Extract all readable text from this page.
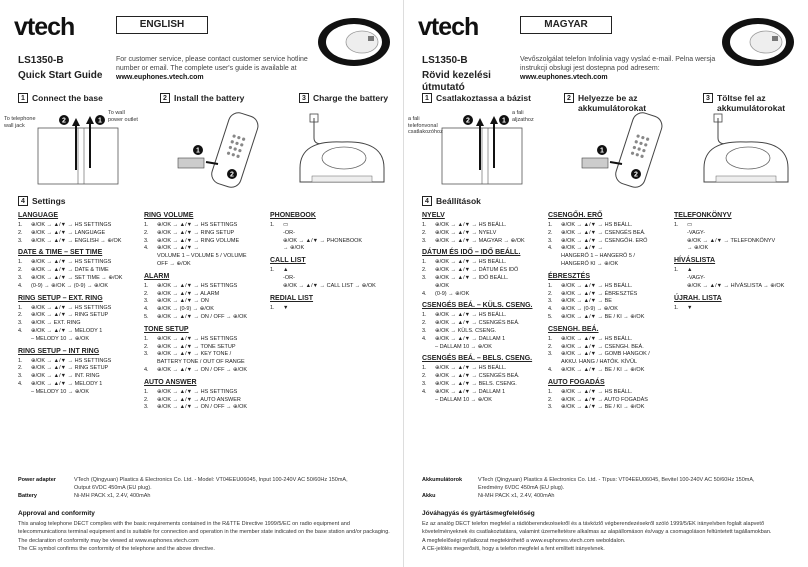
vtech	ENGLISH
LS1350-B
Quick Start Guide
For customer service, please contact customer service hotline number or email. The complete user's guide is available at www.euphones.vtech.com
1 Connect the base	2 Install the battery	3 Charge the battery
2	1
To telephone wall jack
To wall power outlet
1
2
4 Settings
LANGUAGE
1.	⊕/OK → ▲/▼ → HS SETTINGS
2.	⊕/OK → ▲/▼ → LANGUAGE
3.	⊕/OK → ▲/▼ → ENGLISH → ⊕/OK
DATE & TIME – SET TIME
1.	⊕/OK → ▲/▼ → HS SETTINGS
2.	⊕/OK → ▲/▼ → DATE & TIME
3.	⊕/OK → ▲/▼ → SET TIME → ⊕/OK
4.	(0-9) → ⊕/OK → (0-9) → ⊕/OK
RING SETUP – EXT. RING
1.	⊕/OK → ▲/▼ → HS SETTINGS
2.	⊕/OK → ▲/▼ → RING SETUP
3.	⊕/OK → EXT. RING
4.	⊕/OK → ▲/▼ → MELODY 1
– MELODY 10 → ⊕/OK
RING SETUP – INT RING
1.	⊕/OK → ▲/▼ → HS SETTINGS
2.	⊕/OK → ▲/▼ → RING SETUP
3.	⊕/OK → ▲/▼ → INT. RING
4.	⊕/OK → ▲/▼ → MELODY 1
– MELODY 10 → ⊕/OK
RING VOLUME
1.	⊕/OK → ▲/▼ → HS SETTINGS
2.	⊕/OK → ▲/▼ → RING SETUP
3.	⊕/OK → ▲/▼ → RING VOLUME
4.	⊕/OK → ▲/▼ →
VOLUME 1 – VOLUME 5 / VOLUME
OFF → ⊕/OK
ALARM
1.	⊕/OK → ▲/▼ → HS SETTINGS
2.	⊕/OK → ▲/▼ → ALARM
3.	⊕/OK → ▲/▼ → ON
4.	⊕/OK → (0-9) → ⊕/OK
5.	⊕/OK → ▲/▼ → ON / OFF → ⊕/OK
TONE SETUP
1.	⊕/OK → ▲/▼ → HS SETTINGS
2.	⊕/OK → ▲/▼ → TONE SETUP
3.	⊕/OK → ▲/▼ → KEY TONE /
BATTERY TONE / OUT OF RANGE
4.	⊕/OK → ▲/▼ → ON / OFF → ⊕/OK
AUTO ANSWER
1.	⊕/OK → ▲/▼ → HS SETTINGS
2.	⊕/OK → ▲/▼ → AUTO ANSWER
3.	⊕/OK → ▲/▼ → ON / OFF → ⊕/OK
PHONEBOOK
1.	▭
-OR-
⊕/OK → ▲/▼ → PHONEBOOK
→ ⊕/OK
CALL LIST
1.	▲
-OR-
⊕/OK → ▲/▼ → CALL LIST → ⊕/OK
REDIAL LIST
1.	▼
Power adapter	VTech (Qingyuan) Plastics & Electronics Co. Ltd. - Model: VT04EEU06045, Input 100-240V AC 50/60Hz 150mA, Output 6VDC 450mA (EU plug).
Battery	Ni-MH PACK x1, 2.4V, 400mAh
Approval and conformity
This analog telephone DECT complies with the basic requirements contained in the R&TTE Directive 1999/5/EC on radio equipment and
telecommunications terminal equipment and is suitable for connection and operation in the member state indicated on the base station and/or packaging.
The declaration of conformity may be viewed at www.euphones.vtech.com
The CE symbol confirms the conformity of the telephone and the above directive.
vtech	MAGYAR
LS1350-B
Rövid kezelési útmutató
Vevőszolgálat telefon Infolinia vagy vyslać e-mail. Pelna wersja instrukcji obslugi jest dostepna pod adresem: www.euphones.vtech.com
1 Csatlakoztassa a bázist	2 Helyezze be az akkumulátorokat
3 Töltse fel az akkumulátorokat
2	1
a fali telefonvonal csatlakozóhoz
a fali aljzathoz
1
2
4 Beállítások
NYELV
1.	⊕/OK → ▲/▼ → HS BEÁLL.
2.	⊕/OK → ▲/▼ → NYELV
3.	⊕/OK → ▲/▼ → MAGYAR → ⊕/OK
DÁTUM ÉS IDŐ – IDŐ BEÁLL.
1.	⊕/OK → ▲/▼ → HS BEÁLL.
2.	⊕/OK → ▲/▼ → DÁTUM ÉS IDŐ
3.	⊕/OK → ▲/▼ → IDŐ BEÁLL.
⊕/OK
4.	(0-9) → ⊕/OK
CSENGÉS BEÁ. – KÜLS. CSENG.
1.	⊕/OK → ▲/▼ → HS BEÁLL.
2.	⊕/OK → ▲/▼ → CSENGÉS BEÁ.
3.	⊕/OK → KÜLS. CSENG.
4.	⊕/OK → ▲/▼ → DALLAM 1
– DALLAM 10 → ⊕/OK
CSENGÉS BEÁ. – BELS. CSENG.
1.	⊕/OK → ▲/▼ → HS BEÁLL.
2.	⊕/OK → ▲/▼ → CSENGÉS BEÁ.
3.	⊕/OK → ▲/▼ → BELS. CSENG.
4.	⊕/OK → ▲/▼ → DALLAM 1
– DALLAM 10 → ⊕/OK
CSENGŐH. ERŐ
1.	⊕/OK → ▲/▼ → HS BEÁLL.
2.	⊕/OK → ▲/▼ → CSENGÉS BEÁ.
3.	⊕/OK → ▲/▼ → CSENGŐH. ERŐ
4.	⊕/OK → ▲/▼ →
HANGERŐ 1 – HANGERŐ 5 /
HANGERŐ KI → ⊕/OK
ÉBRESZTÉS
1.	⊕/OK → ▲/▼ → HS BEÁLL.
2.	⊕/OK → ▲/▼ → ÉBRESZTÉS
3.	⊕/OK → ▲/▼ → BE
4.	⊕/OK → (0-9) → ⊕/OK
5.	⊕/OK → ▲/▼ → BE / KI → ⊕/OK
CSENGH. BEÁ.
1.	⊕/OK → ▲/▼ → HS BEÁLL.
2.	⊕/OK → ▲/▼ → CSENGH. BEÁ.
3.	⊕/OK → ▲/▼ → GOMB HANGOK /
AKKU. HANG / HATÓK. KÍVÜL
4.	⊕/OK → ▲/▼ → BE / KI → ⊕/OK
AUTO FOGADÁS
1.	⊕/OK → ▲/▼ → HS BEÁLL.
2.	⊕/OK → ▲/▼ → AUTO FOGADÁS
3.	⊕/OK → ▲/▼ → BE / KI → ⊕/OK
TELEFONKÖNYV
1.	▭
-VAGY-
⊕/OK → ▲/▼ → TELEFONKÖNYV
→ ⊕/OK
HÍVÁSLISTA
1.	▲
-VAGY-
⊕/OK → ▲/▼ → HÍVÁSLISTA → ⊕/OK
ÚJRAH. LISTA
1.	▼
Akkumulátorok	VTech (Qingyuan) Plastics & Electronics Co. Ltd. - Típus: VT04EEU06045, Bevitel 100-240V AC 50/60Hz 150mA, Eredmény 6VDC 450mA (EU plug).
Akku	Ni-MH PACK x1, 2.4V, 400mAh
Jóváhagyás és gyártásmegfelelőség
Ez az analóg DECT telefon megfelel a rádióberendezésekről és a távközlő végberendezésekről szóló 1999/5/EK irányelvben foglalt alapvető
követelményeknek és csatlakoztatásra, valamint üzemeltetésre alkalmas az alapállomáson és/vagy a csomagoláson feltüntetett tagállamokban.
A megfelelőségi nyilatkozat megtekinthető a www.euphones.vtech.com weboldalon.
A CE-jelölés megerősíti, hogy a telefon megfelel a fent említett irányelvnek.
